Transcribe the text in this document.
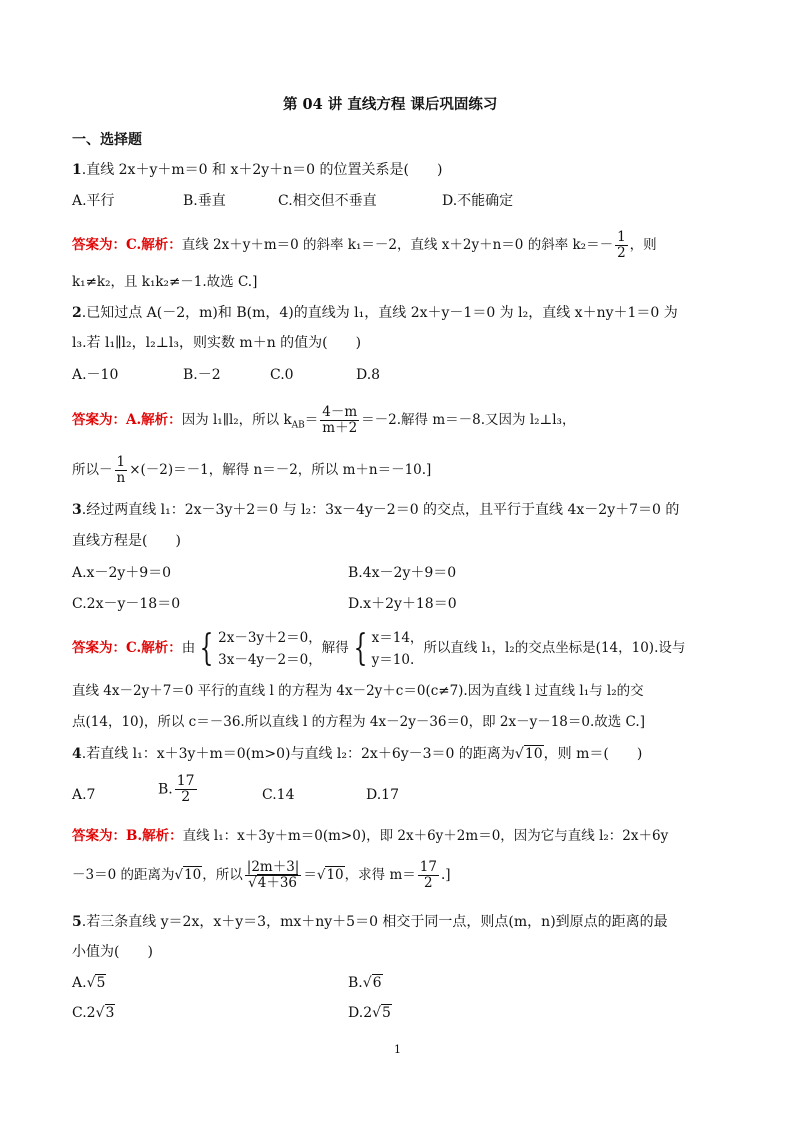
第 04 讲 直线方程 课后巩固练习
一、选择题
1.直线 2x＋y＋m＝0 和 x＋2y＋n＝0 的位置关系是(　　)
A.平行	B.垂直	C.相交但不垂直	D.不能确定
答案为：C.解析：直线 2x＋y＋m＝0 的斜率 k₁＝－2，直线 x＋2y＋n＝0 的斜率 $k_2=- \frac{1}{2}$ ，则
k₁≠k₂，且 k₁k₂≠－1.故选 C.]
2.已知过点 A(－2，m)和 B(m，4)的直线为 l₁，直线 2x＋y－1＝0 为 l₂，直线 x＋ny＋1＝0 为
l₃.若 l₁∥l₂，l₂⊥l₃，则实数 m＋n 的值为(　　)
A.－10	B.－2	C.0	D.8
答案为：A.解析：因为 l₁∥l₂，所以 $k_{AB}= \frac{4-m}{m+2} =-2$.解得 m＝－8.又因为 l₂⊥l₃，
所以－ $\frac{1}{n} \times(-2)=-1$，解得 n＝－2，所以 m＋n＝－10.]
3.经过两直线 l₁：2x－3y＋2＝0 与 l₂：3x－4y－2＝0 的交点，且平行于直线 4x－2y＋7＝0 的
直线方程是(　　)
A.x－2y＋9＝0	B.4x－2y＋9＝0
C.2x－y－18＝0	D.x＋2y＋18＝0
答案为：C.解析：由 { 2x－3y＋2＝0，
3x－4y－2＝0，
解得 { x＝14，
y＝10.
所以直线 l₁，l₂的交点坐标是(14，10).设与
直线 4x－2y＋7＝0 平行的直线 l 的方程为 4x－2y＋c＝0(c≠7).因为直线 l 过直线 l₁与 l₂的交
点(14，10)，所以 c＝－36.所以直线 l 的方程为 4x－2y－36＝0，即 2x－y－18＝0.故选 C.]
4.若直线 l₁：x＋3y＋m＝0(m>0)与直线 l₂：2x＋6y－3＝0 的距离为√10，则 m＝(　　)
A.7	B. $\frac{17}{2}$	C.14	D.17
答案为：B.解析：直线 l₁：x＋3y＋m＝0(m>0)，即 2x＋6y＋2m＝0，因为它与直线 l₂：2x＋6y
－3＝0 的距离为√10，所以 $\frac{|2m+3|}{√4+36} =√10$，求得 $m= \frac{17}{2}$ .]
5.若三条直线 y＝2x，x＋y＝3，mx＋ny＋5＝0 相交于同一点，则点(m，n)到原点的距离的最
小值为(　　)
A.√5	B.√6
C.2√3	D.2√5
1
